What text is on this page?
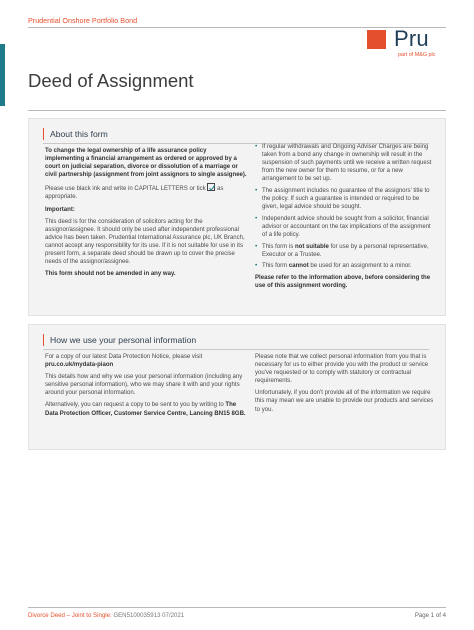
Prudential Onshore Portfolio Bond
Pru
part of M&G plc
Deed of Assignment
About this form

To change the legal ownership of a life assurance policy implementing a financial arrangement as ordered or approved by a court on judicial separation, divorce or dissolution of a marriage or civil partnership (assignment from joint assignors to single assignee).

Please use black ink and write in CAPITAL LETTERS or tick as appropriate.

Important:

This deed is for the consideration of solicitors acting for the assignor/assignee. It should only be used after independent professional advice has been taken. Prudential International Assurance plc, UK Branch, cannot accept any responsibility for its use. If it is not suitable for use in its present form, a separate deed should be drawn up to cover the precise needs of the assignor/assignee.

This form should not be amended in any way.

• If regular withdrawals and Ongoing Adviser Charges are being taken from a bond any change in ownership will result in the suspension of such payments until we receive a written request from the new owner for them to resume, or for a new arrangement to be set up.
• The assignment includes no guarantee of the assignors' title to the policy. If such a guarantee is intended or required to be given, legal advice should be sought.
• Independent advice should be sought from a solicitor, financial advisor or accountant on the tax implications of the assignment of a life policy.
• This form is not suitable for use by a personal representative, Executor or a Trustee.
• This form cannot be used for an assignment to a minor.

Please refer to the information above, before considering the use of this assignment wording.

How we use your personal information

For a copy of our latest Data Protection Notice, please visit pru.co.uk/mydata-piaon

This details how and why we use your personal information (including any sensitive personal information), who we may share it with and your rights around your personal information.

Alternatively, you can request a copy to be sent to you by writing to The Data Protection Officer, Customer Service Centre, Lancing BN15 8GB.

Please note that we collect personal information from you that is necessary for us to either provide you with the product or service you've requested or to comply with statutory or contractual requirements.

Unfortunately, if you don't provide all of the information we require this may mean we are unable to provide our products and services to you.

Divorce Deed – Joint to Single: GEN5100035913 07/2021	Page 1 of 4
